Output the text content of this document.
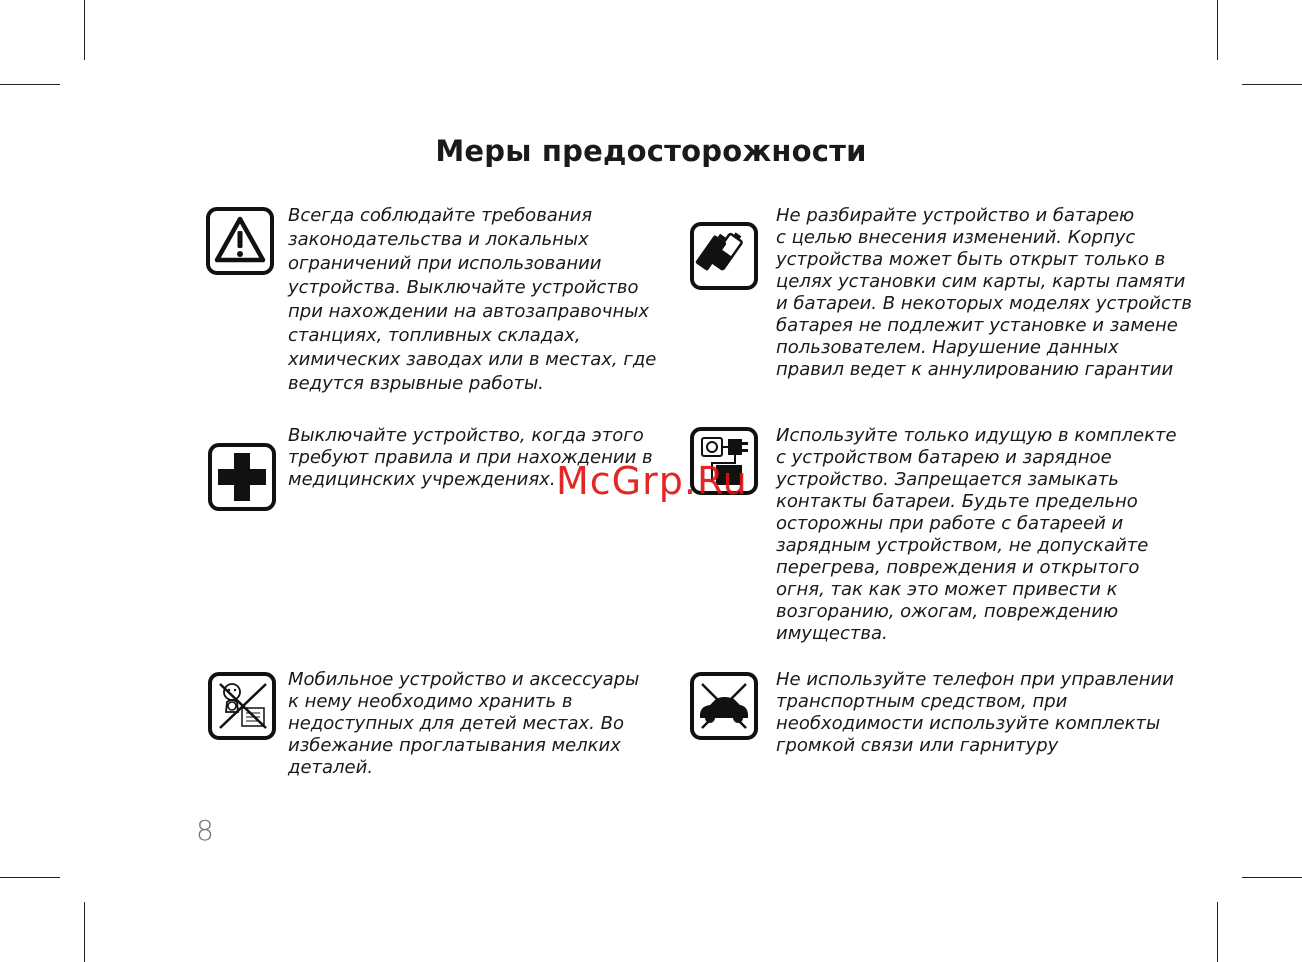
Меры предосторожности
Всегда соблюдайте требования
законодательства и локальных
ограничений при использовании
устройства. Выключайте устройство
при нахождении на автозаправочных
станциях, топливных складах,
химических заводах или в местах, где
ведутся взрывные работы.
Не разбирайте устройство и батарею
с целью внесения изменений. Корпус
устройства может быть открыт только в
целях установки сим карты, карты памяти
и батареи. В некоторых моделях устройств
батарея не подлежит установке и замене
пользователем. Нарушение данных
правил ведет к аннулированию гарантии
Выключайте устройство, когда этого
требуют правила и при нахождении в
медицинских учреждениях.
Используйте только идущую в комплекте
с устройством батарею и зарядное
устройство. Запрещается замыкать
контакты батареи. Будьте предельно
осторожны при работе с батареей и
зарядным устройством, не допускайте
перегрева, повреждения и открытого
огня, так как это может привести к
возгоранию, ожогам, повреждению
имущества.
Мобильное устройство и аксессуары
к нему необходимо хранить в
недоступных для детей местах. Во
избежание проглатывания мелких
деталей.
Не используйте телефон при управлении
транспортным средством, при
необходимости используйте комплекты
громкой связи или гарнитуру
McGrp.Ru
8
